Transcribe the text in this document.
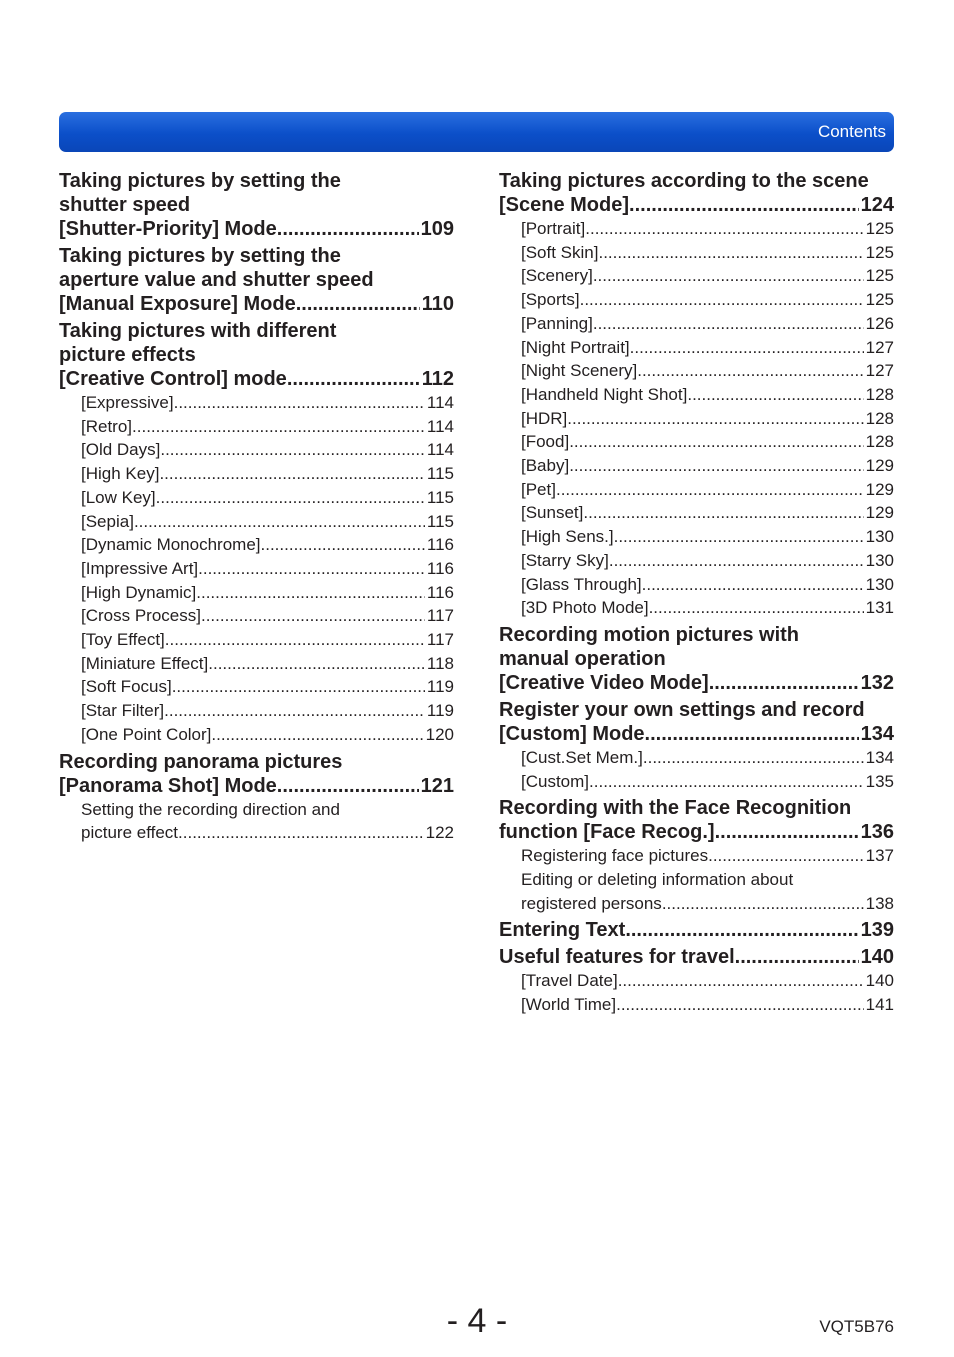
Contents
Taking pictures by setting the
shutter speed
[Shutter-Priority] Mode .....	109
Taking pictures by setting the
aperture value and shutter speed
[Manual Exposure] Mode .....	110
Taking pictures with different
picture effects
[Creative Control] mode .....	112
[Expressive] .....	114
[Retro] .....	114
[Old Days] .....	114
[High Key] .....	115
[Low Key] .....	115
[Sepia] .....	115
[Dynamic Monochrome] .....	116
[Impressive Art] .....	116
[High Dynamic] .....	116
[Cross Process] .....	117
[Toy Effect] .....	117
[Miniature Effect] .....	118
[Soft Focus] .....	119
[Star Filter] .....	119
[One Point Color] .....	120
Recording panorama pictures
[Panorama Shot] Mode .....	121
Setting the recording direction and
picture effect .....	122
Taking pictures according to the scene
[Scene Mode] .....	124
[Portrait] .....	125
[Soft Skin] .....	125
[Scenery] .....	125
[Sports] .....	125
[Panning] .....	126
[Night Portrait] .....	127
[Night Scenery] .....	127
[Handheld Night Shot] .....	128
[HDR] .....	128
[Food] .....	128
[Baby] .....	129
[Pet] .....	129
[Sunset] .....	129
[High Sens.] .....	130
[Starry Sky] .....	130
[Glass Through] .....	130
[3D Photo Mode] .....	131
Recording motion pictures with
manual operation
[Creative Video Mode] .....	132
Register your own settings and record
[Custom] Mode .....	134
[Cust.Set Mem.] .....	134
[Custom] .....	135
Recording with the Face Recognition
function [Face Recog.] .....	136
Registering face pictures .....	137
Editing or deleting information about
registered persons .....	138
Entering Text .....	139
Useful features for travel .....	140
[Travel Date] .....	140
[World Time] .....	141
- 4 -	VQT5B76
